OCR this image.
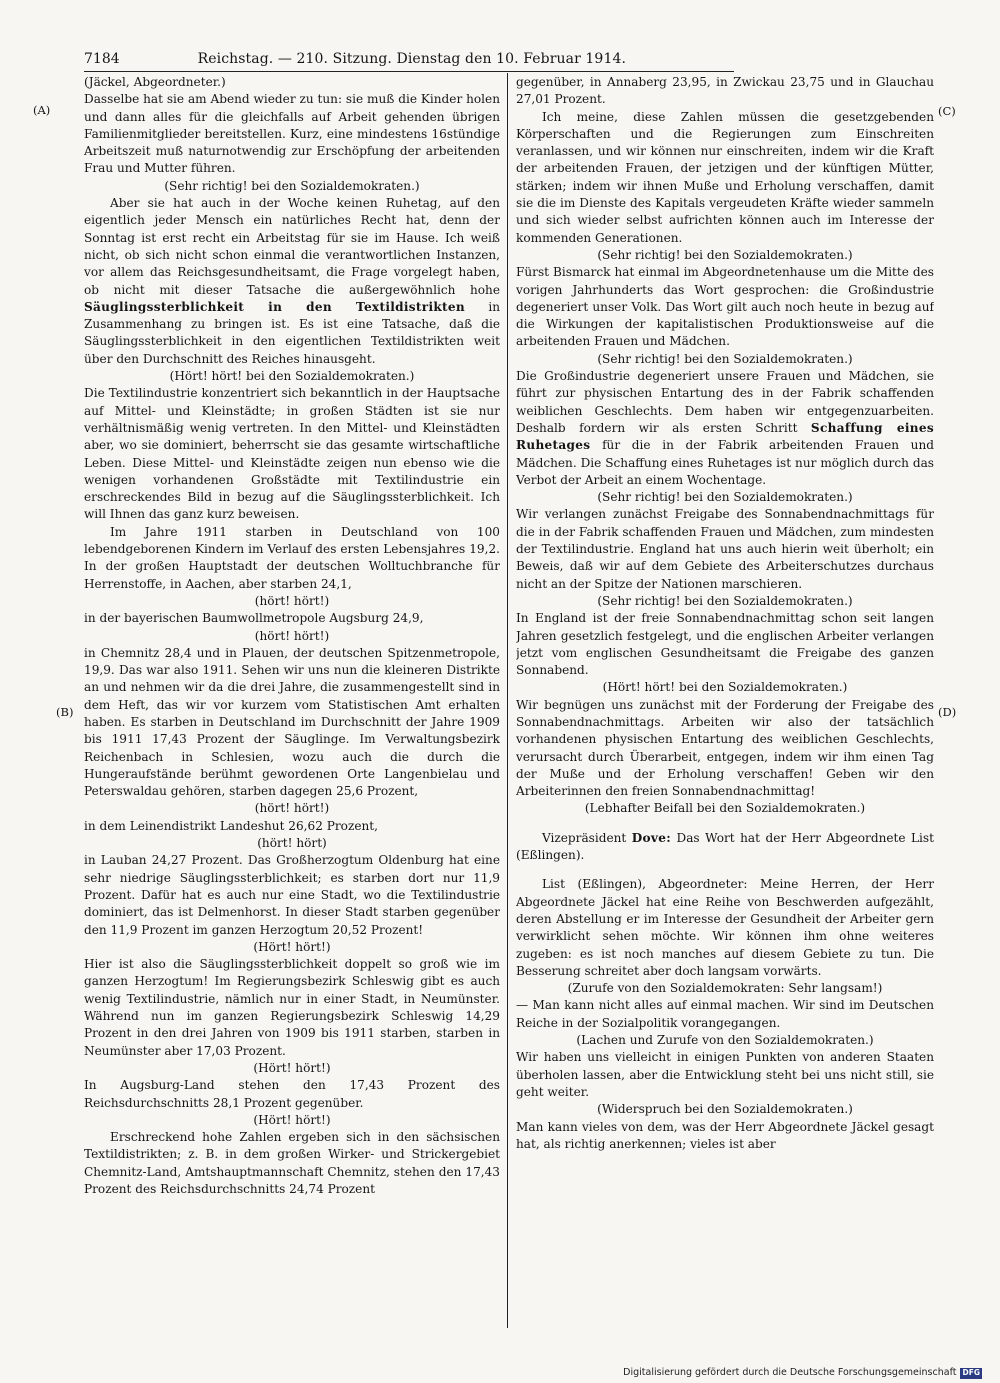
7184	Reichstag. — 210. Sitzung. Dienstag den 10. Februar 1914.
(A)
(B)
(C)
(D)

(Jäckel, Abgeordneter.)

Dasselbe hat sie am Abend wieder zu tun: sie muß die Kinder holen und dann alles für die gleichfalls auf Arbeit gehenden übrigen Familienmitglieder bereitstellen. Kurz, eine mindestens 16stündige Arbeitszeit muß naturnotwendig zur Erschöpfung der arbeitenden Frau und Mutter führen.

(Sehr richtig! bei den Sozialdemokraten.)

Aber sie hat auch in der Woche keinen Ruhetag, auf den eigentlich jeder Mensch ein natürliches Recht hat, denn der Sonntag ist erst recht ein Arbeitstag für sie im Hause. Ich weiß nicht, ob sich nicht schon einmal die verantwortlichen Instanzen, vor allem das Reichsgesundheitsamt, die Frage vorgelegt haben, ob nicht mit dieser Tatsache die außergewöhnlich hohe Säuglingssterblichkeit in den Textildistrikten in Zusammenhang zu bringen ist. Es ist eine Tatsache, daß die Säuglingssterblichkeit in den eigentlichen Textildistrikten weit über den Durchschnitt des Reiches hinausgeht.

(Hört! hört! bei den Sozialdemokraten.)

Die Textilindustrie konzentriert sich bekanntlich in der Hauptsache auf Mittel- und Kleinstädte; in großen Städten ist sie nur verhältnismäßig wenig vertreten. In den Mittel- und Kleinstädten aber, wo sie dominiert, beherrscht sie das gesamte wirtschaftliche Leben. Diese Mittel- und Kleinstädte zeigen nun ebenso wie die wenigen vorhandenen Großstädte mit Textilindustrie ein erschreckendes Bild in bezug auf die Säuglingssterblichkeit. Ich will Ihnen das ganz kurz beweisen.

Im Jahre 1911 starben in Deutschland von 100 lebendgeborenen Kindern im Verlauf des ersten Lebensjahres 19,2. In der großen Hauptstadt der deutschen Wolltuchbranche für Herrenstoffe, in Aachen, aber starben 24,1,

(hört! hört!)

in der bayerischen Baumwollmetropole Augsburg 24,9,

(hört! hört!)

in Chemnitz 28,4 und in Plauen, der deutschen Spitzenmetropole, 19,9. Das war also 1911. Sehen wir uns nun die kleineren Distrikte an und nehmen wir da die drei Jahre, die zusammengestellt sind in dem Heft, das wir vor kurzem vom Statistischen Amt erhalten haben. Es starben in Deutschland im Durchschnitt der Jahre 1909 bis 1911 17,43 Prozent der Säuglinge. Im Verwaltungsbezirk Reichenbach in Schlesien, wozu auch die durch die Hungeraufstände berühmt gewordenen Orte Langenbielau und Peterswaldau gehören, starben dagegen 25,6 Prozent,

(hört! hört!)

in dem Leinendistrikt Landeshut 26,62 Prozent,

(hört! hört)

in Lauban 24,27 Prozent. Das Großherzogtum Oldenburg hat eine sehr niedrige Säuglingssterblichkeit; es starben dort nur 11,9 Prozent. Dafür hat es auch nur eine Stadt, wo die Textilindustrie dominiert, das ist Delmenhorst. In dieser Stadt starben gegenüber den 11,9 Prozent im ganzen Herzogtum 20,52 Prozent!

(Hört! hört!)

Hier ist also die Säuglingssterblichkeit doppelt so groß wie im ganzen Herzogtum! Im Regierungsbezirk Schleswig gibt es auch wenig Textilindustrie, nämlich nur in einer Stadt, in Neumünster. Während nun im ganzen Regierungsbezirk Schleswig 14,29 Prozent in den drei Jahren von 1909 bis 1911 starben, starben in Neumünster aber 17,03 Prozent.

(Hört! hört!)

In Augsburg-Land stehen den 17,43 Prozent des Reichsdurchschnitts 28,1 Prozent gegenüber.

(Hört! hört!)

Erschreckend hohe Zahlen ergeben sich in den sächsischen Textildistrikten; z. B. in dem großen Wirker- und Strickergebiet Chemnitz-Land, Amtshauptmannschaft Chemnitz, stehen den 17,43 Prozent des Reichsdurchschnitts 24,74 Prozent

gegenüber, in Annaberg 23,95, in Zwickau 23,75 und in Glauchau 27,01 Prozent.

Ich meine, diese Zahlen müssen die gesetzgebenden Körperschaften und die Regierungen zum Einschreiten veranlassen, und wir können nur einschreiten, indem wir die Kraft der arbeitenden Frauen, der jetzigen und der künftigen Mütter, stärken; indem wir ihnen Muße und Erholung verschaffen, damit sie die im Dienste des Kapitals vergeudeten Kräfte wieder sammeln und sich wieder selbst aufrichten können auch im Interesse der kommenden Generationen.

(Sehr richtig! bei den Sozialdemokraten.)

Fürst Bismarck hat einmal im Abgeordnetenhause um die Mitte des vorigen Jahrhunderts das Wort gesprochen: die Großindustrie degeneriert unser Volk. Das Wort gilt auch noch heute in bezug auf die Wirkungen der kapitalistischen Produktionsweise auf die arbeitenden Frauen und Mädchen.

(Sehr richtig! bei den Sozialdemokraten.)

Die Großindustrie degeneriert unsere Frauen und Mädchen, sie führt zur physischen Entartung des in der Fabrik schaffenden weiblichen Geschlechts. Dem haben wir entgegenzuarbeiten. Deshalb fordern wir als ersten Schritt Schaffung eines Ruhetages für die in der Fabrik arbeitenden Frauen und Mädchen. Die Schaffung eines Ruhetages ist nur möglich durch das Verbot der Arbeit an einem Wochentage.

(Sehr richtig! bei den Sozialdemokraten.)

Wir verlangen zunächst Freigabe des Sonnabendnachmittags für die in der Fabrik schaffenden Frauen und Mädchen, zum mindesten der Textilindustrie. England hat uns auch hierin weit überholt; ein Beweis, daß wir auf dem Gebiete des Arbeiterschutzes durchaus nicht an der Spitze der Nationen marschieren.

(Sehr richtig! bei den Sozialdemokraten.)

In England ist der freie Sonnabendnachmittag schon seit langen Jahren gesetzlich festgelegt, und die englischen Arbeiter verlangen jetzt vom englischen Gesundheitsamt die Freigabe des ganzen Sonnabend.

(Hört! hört! bei den Sozialdemokraten.)

Wir begnügen uns zunächst mit der Forderung der Freigabe des Sonnabendnachmittags. Arbeiten wir also der tatsächlich vorhandenen physischen Entartung des weiblichen Geschlechts, verursacht durch Überarbeit, entgegen, indem wir ihm einen Tag der Muße und der Erholung verschaffen! Geben wir den Arbeiterinnen den freien Sonnabendnachmittag!

(Lebhafter Beifall bei den Sozialdemokraten.)

Vizepräsident Dove: Das Wort hat der Herr Abgeordnete List (Eßlingen).

List (Eßlingen), Abgeordneter: Meine Herren, der Herr Abgeordnete Jäckel hat eine Reihe von Beschwerden aufgezählt, deren Abstellung er im Interesse der Gesundheit der Arbeiter gern verwirklicht sehen möchte. Wir können ihm ohne weiteres zugeben: es ist noch manches auf diesem Gebiete zu tun. Die Besserung schreitet aber doch langsam vorwärts.

(Zurufe von den Sozialdemokraten: Sehr langsam!)

— Man kann nicht alles auf einmal machen. Wir sind im Deutschen Reiche in der Sozialpolitik vorangegangen.

(Lachen und Zurufe von den Sozialdemokraten.)

Wir haben uns vielleicht in einigen Punkten von anderen Staaten überholen lassen, aber die Entwicklung steht bei uns nicht still, sie geht weiter.

(Widerspruch bei den Sozialdemokraten.)

Man kann vieles von dem, was der Herr Abgeordnete Jäckel gesagt hat, als richtig anerkennen; vieles ist aber

Digitalisierung gefördert durch die Deutsche Forschungsgemeinschaft DFG
